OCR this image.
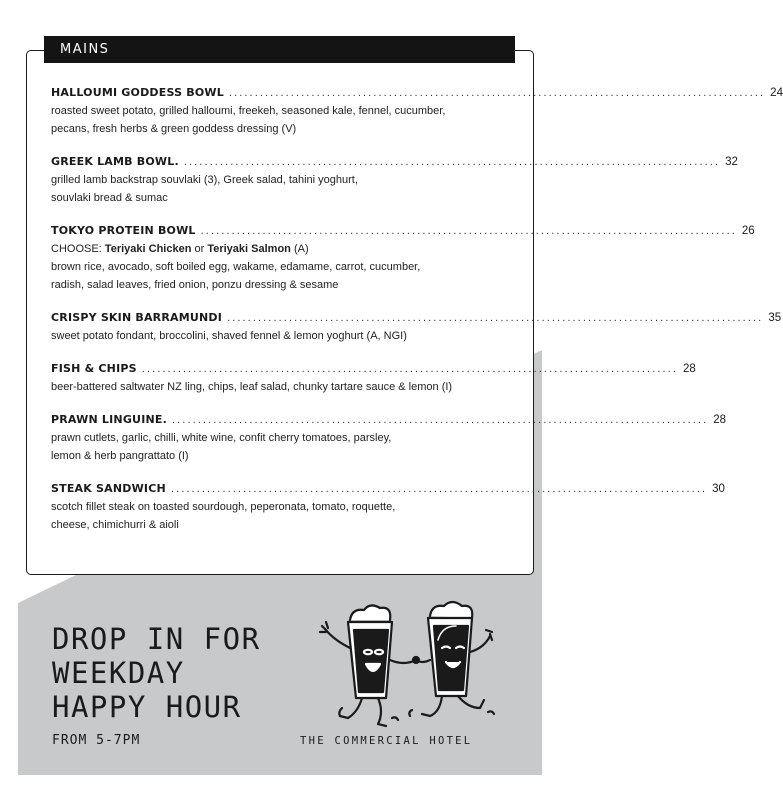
MAINS
HALLOUMI GODDESS BOWL ........................................................................................................ 24
roasted sweet potato, grilled halloumi, freekeh, seasoned kale, fennel, cucumber,
pecans, fresh herbs & green goddess dressing (V)
GREEK LAMB BOWL. ........................................................................................................ 32
grilled lamb backstrap souvlaki (3), Greek salad, tahini yoghurt,
souvlaki bread & sumac
TOKYO PROTEIN BOWL ........................................................................................................ 26
CHOOSE: Teriyaki Chicken or Teriyaki Salmon (A)
brown rice, avocado, soft boiled egg, wakame, edamame, carrot, cucumber,
radish, salad leaves, fried onion, ponzu dressing & sesame
CRISPY SKIN BARRAMUNDI ........................................................................................................ 35
sweet potato fondant, broccolini, shaved fennel & lemon yoghurt (A, NGI)
FISH & CHIPS ........................................................................................................ 28
beer-battered saltwater NZ ling, chips, leaf salad, chunky tartare sauce & lemon (I)
PRAWN LINGUINE. ........................................................................................................ 28
prawn cutlets, garlic, chilli, white wine, confit cherry tomatoes, parsley,
lemon & herb pangrattato (I)
STEAK SANDWICH ........................................................................................................ 30
scotch fillet steak on toasted sourdough, peperonata, tomato, roquette,
cheese, chimichurri & aioli
DROP IN FOR
WEEKDAY
HAPPY HOUR
FROM 5-7PM	THE COMMERCIAL HOTEL
